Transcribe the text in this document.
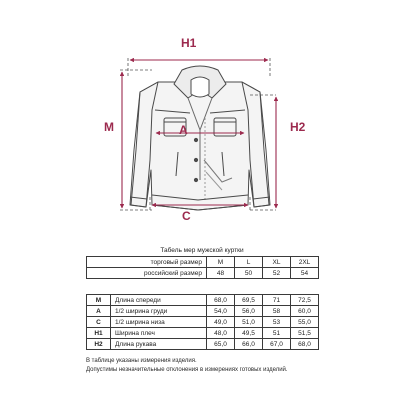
H1
M	A	H2
C
Табель мер мужской куртки
торговый размер	M	L	XL	2XL
российский размер	48	50	52	54
M	Длина спереди	68,0	69,5	71	72,5
A	1/2 ширина груди	54,0	56,0	58	60,0
C	1/2 ширина низа	49,0	51,0	53	55,0
H1	Ширина плеч	48,0	49,5	51	51,5
H2	Длина рукава	65,0	66,0	67,0	68,0
В таблице указаны измерения изделия.
Допустимы незначительные отклонения в измерениях готовых изделий.
